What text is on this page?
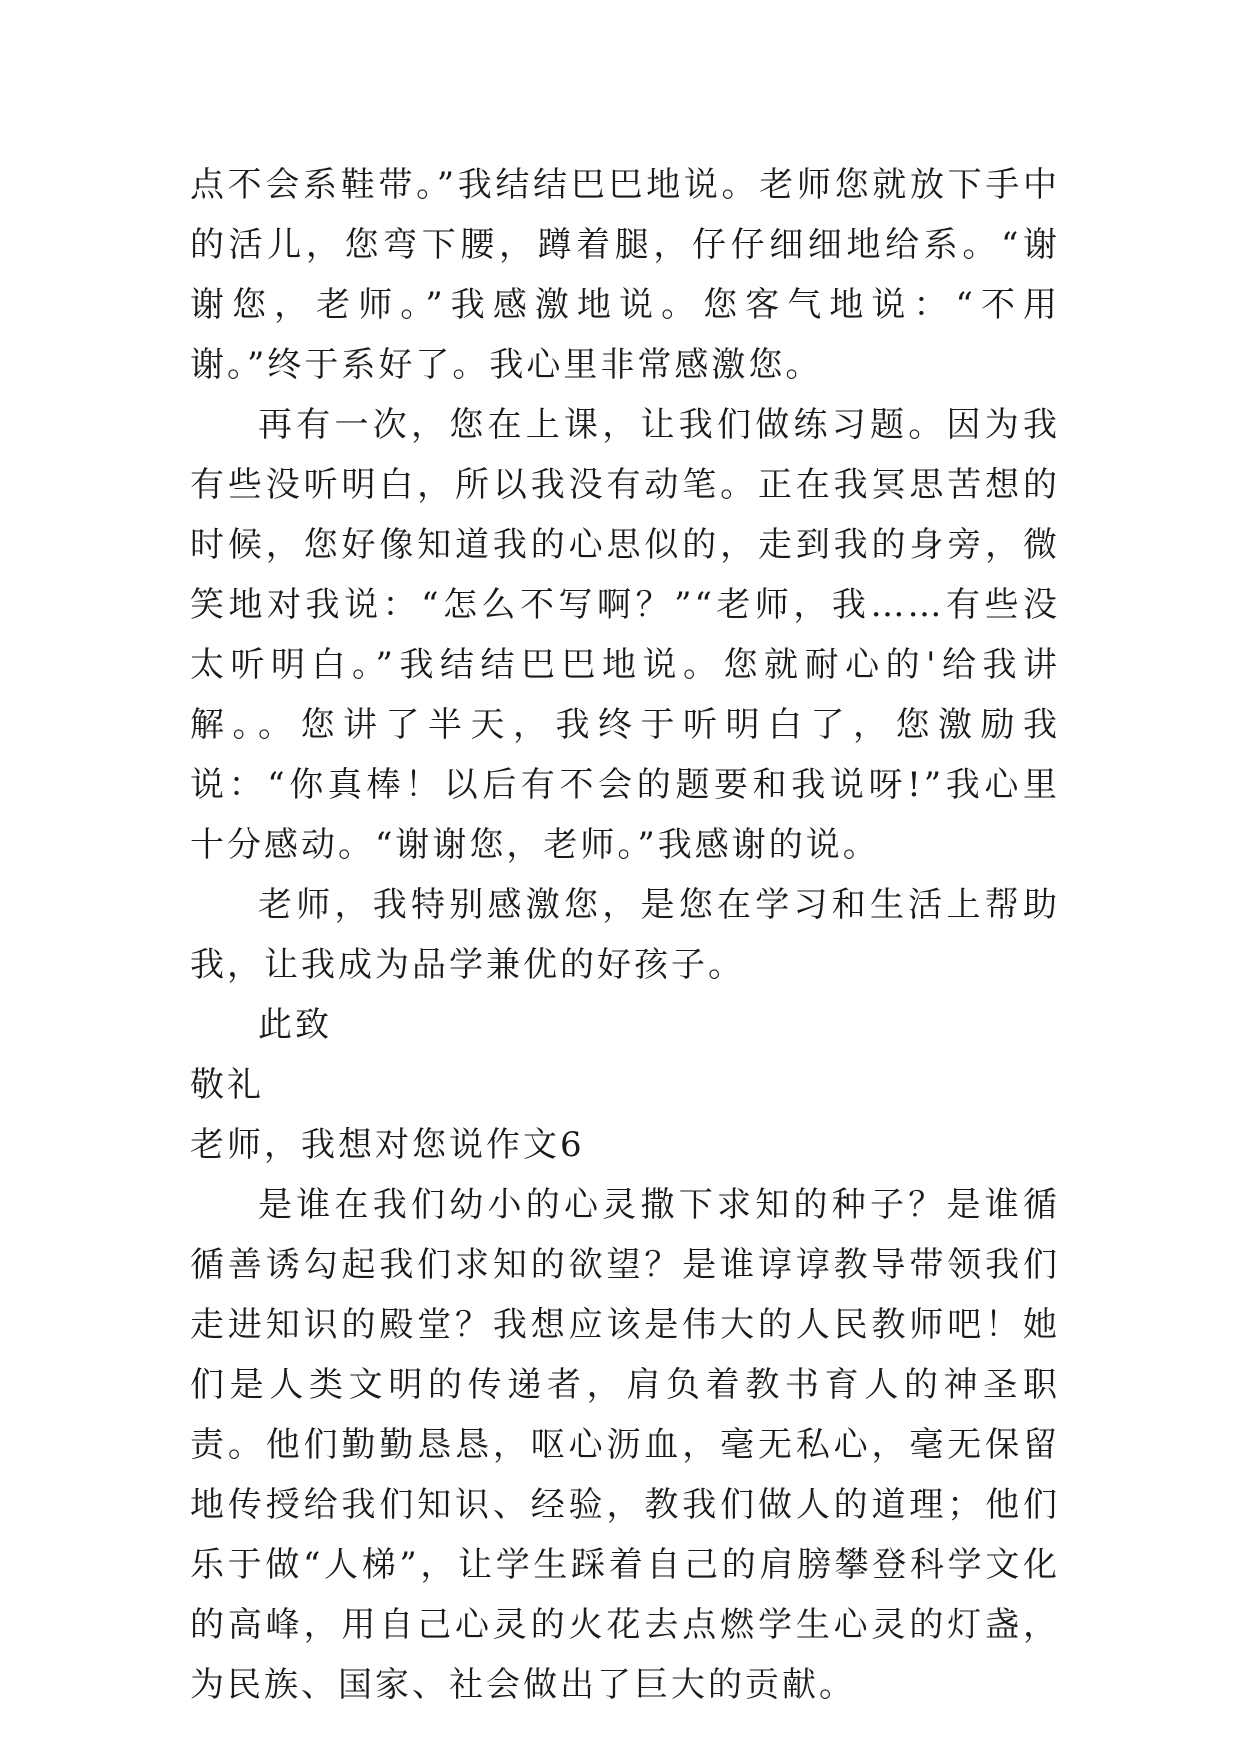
点不会系鞋带。”我结结巴巴地说。老师您就放下手中的活儿，您弯下腰，蹲着腿，仔仔细细地给系。“谢谢您，老师。”我感激地说。您客气地说：“不用谢。”终于系好了。我心里非常感激您。

再有一次，您在上课，让我们做练习题。因为我有些没听明白，所以我没有动笔。正在我冥思苦想的时候，您好像知道我的心思似的，走到我的身旁，微笑地对我说：“怎么不写啊？”“老师，我……有些没太听明白。”我结结巴巴地说。您就耐心的'给我讲解。。您讲了半天，我终于听明白了，您激励我说：“你真棒！以后有不会的题要和我说呀!”我心里十分感动。“谢谢您，老师。”我感谢的说。

老师，我特别感激您，是您在学习和生活上帮助我，让我成为品学兼优的好孩子。

此致

敬礼

老师，我想对您说作文6

是谁在我们幼小的心灵撒下求知的种子？是谁循循善诱勾起我们求知的欲望？是谁谆谆教导带领我们走进知识的殿堂？我想应该是伟大的人民教师吧！她们是人类文明的传递者，肩负着教书育人的神圣职责。他们勤勤恳恳，呕心沥血，毫无私心，毫无保留地传授给我们知识、经验，教我们做人的道理；他们乐于做“人梯”，让学生踩着自己的肩膀攀登科学文化的高峰，用自己心灵的火花去点燃学生心灵的灯盏，为民族、国家、社会做出了巨大的贡献。
